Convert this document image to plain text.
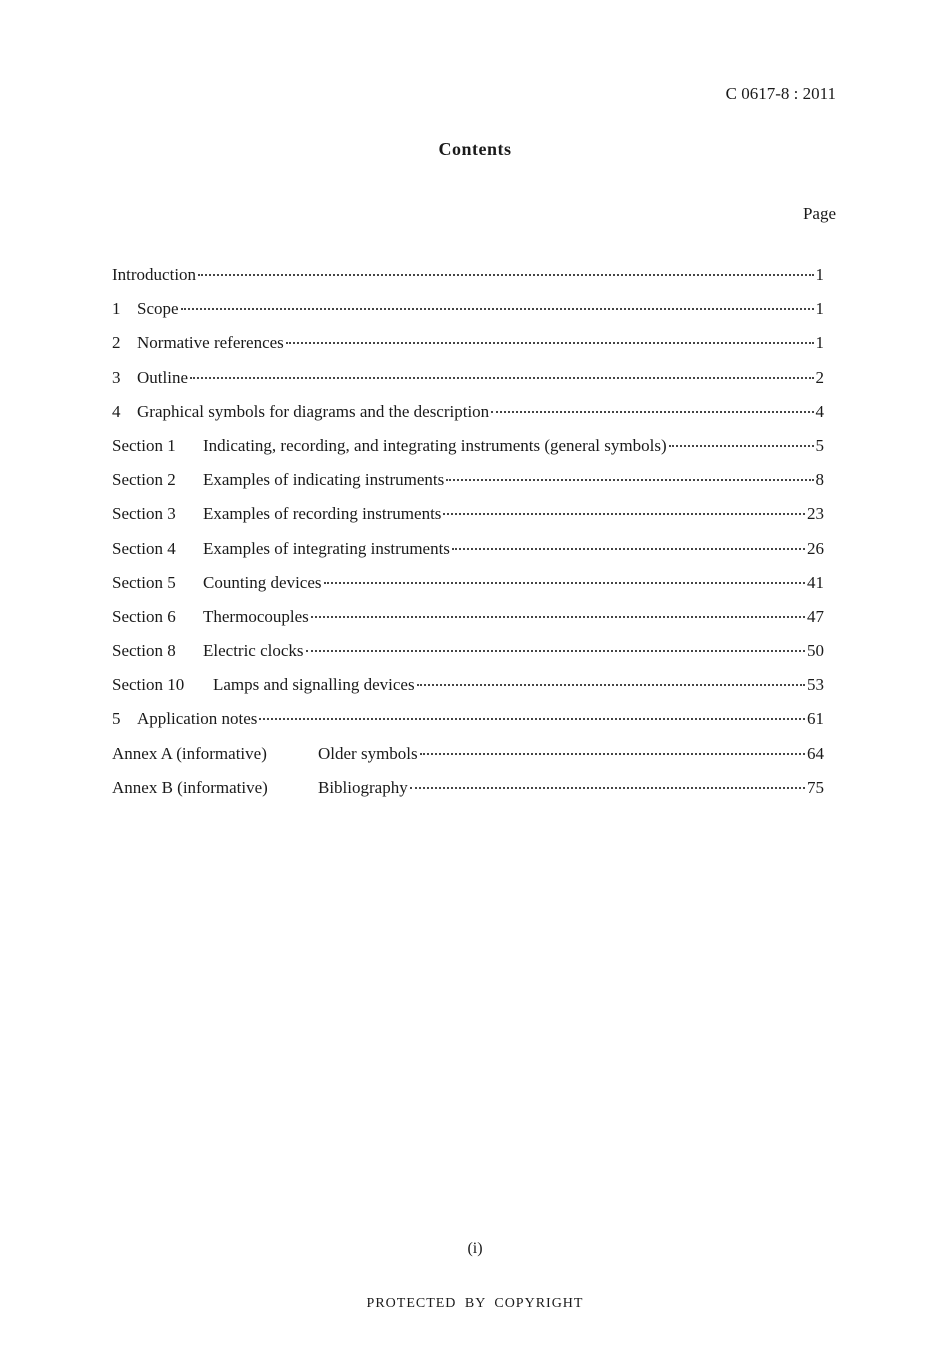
C 0617-8 : 2011
Contents
Page
Introduction	1
1 Scope	1
2 Normative references	1
3 Outline	2
4 Graphical symbols for diagrams and the description	4
Section 1	Indicating, recording, and integrating instruments (general symbols)	5
Section 2	Examples of indicating instruments	8
Section 3	Examples of recording instruments	23
Section 4	Examples of integrating instruments	26
Section 5	Counting devices	41
Section 6	Thermocouples	47
Section 8	Electric clocks	50
Section 10	Lamps and signalling devices	53
5 Application notes	61
Annex A (informative)	Older symbols	64
Annex B (informative)	Bibliography	75
(i)
PROTECTED BY COPYRIGHT
